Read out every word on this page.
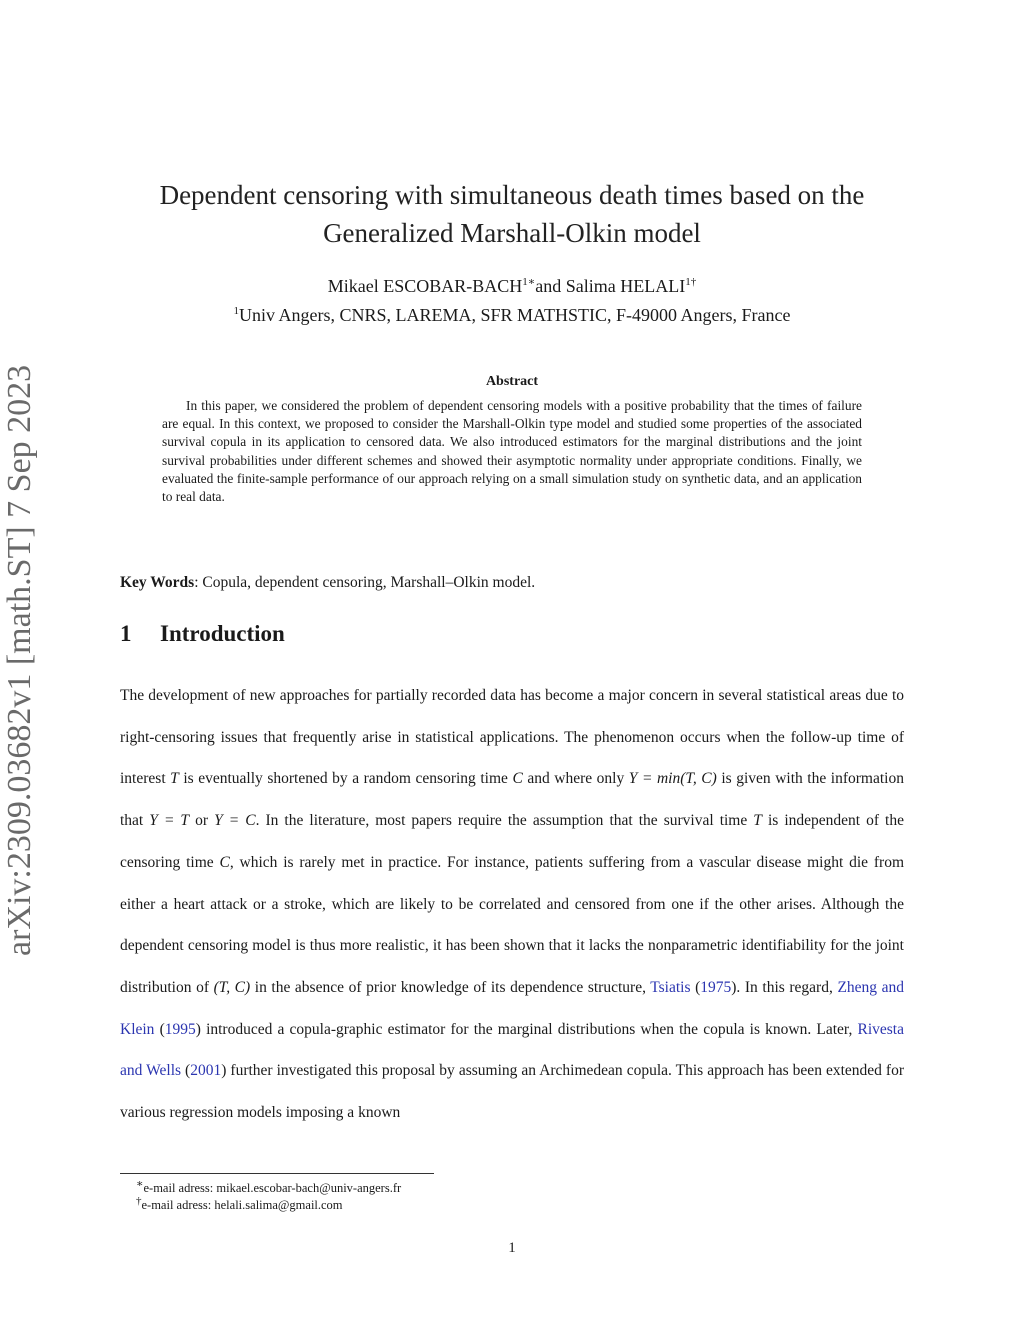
arXiv:2309.03682v1 [math.ST] 7 Sep 2023
Dependent censoring with simultaneous death times based on the
Generalized Marshall-Olkin model
Mikael ESCOBAR-$BACH^{1∗}and$ Salima $HELALI^{1\dagger}$
$^1$Univ Angers, CNRS, LAREMA, SFR MATHSTIC, F-49000 Angers, France
Abstract
In this paper, we considered the problem of dependent censoring models with a positive probability that the times of failure are equal. In this context, we proposed to consider the Marshall-Olkin type model and studied some properties of the associated survival copula in its application to censored data. We also introduced estimators for the marginal distributions and the joint survival probabilities under different schemes and showed their asymptotic normality under appropriate conditions. Finally, we evaluated the finite-sample performance of our approach relying on a small simulation study on synthetic data, and an application to real data.
Key Words: Copula, dependent censoring, Marshall–Olkin model.
1 Introduction
The development of new approaches for partially recorded data has become a major concern in several statistical areas due to right-censoring issues that frequently arise in statistical applications. The phenomenon occurs when the follow-up time of interest T is eventually shortened by a random censoring time C and where only Y = min(T, C) is given with the information that Y = T or Y = C. In the literature, most papers require the assumption that the survival time T is independent of the censoring time C, which is rarely met in practice. For instance, patients suffering from a vascular disease might die from either a heart attack or a stroke, which are likely to be correlated and censored from one if the other arises. Although the dependent censoring model is thus more realistic, it has been shown that it lacks the nonparametric identifiability for the joint distribution of (T, C) in the absence of prior knowledge of its dependence structure, Tsiatis (1975). In this regard, Zheng and Klein (1995) introduced a copula-graphic estimator for the marginal distributions when the copula is known. Later, Rivesta and Wells (2001) further investigated this proposal by assuming an Archimedean copula. This approach has been extended for various regression models imposing a known
∗e-mail adress: mikael.escobar-bach@univ-angers.fr
†e-mail adress: helali.salima@gmail.com
1
